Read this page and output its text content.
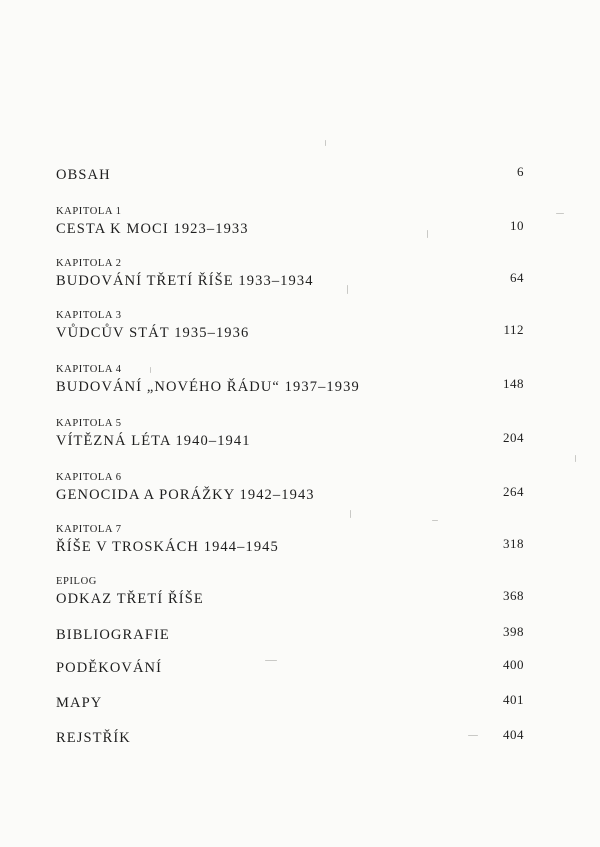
OBSAH	6
KAPITOLA 1
CESTA K MOCI 1923–1933	10
KAPITOLA 2
BUDOVÁNÍ TŘETÍ ŘÍŠE 1933–1934	64
KAPITOLA 3
VŮDCŮV STÁT 1935–1936	112
KAPITOLA 4
BUDOVÁNÍ „NOVÉHO ŘÁDU“ 1937–1939	148
KAPITOLA 5
VÍTĚZNÁ LÉTA 1940–1941	204
KAPITOLA 6
GENOCIDA A PORÁŽKY 1942–1943	264
KAPITOLA 7
ŘÍŠE V TROSKÁCH 1944–1945	318
EPILOG
ODKAZ TŘETÍ ŘÍŠE	368
BIBLIOGRAFIE	398
PODĚKOVÁNÍ	400
MAPY	401
REJSTŘÍK	404
